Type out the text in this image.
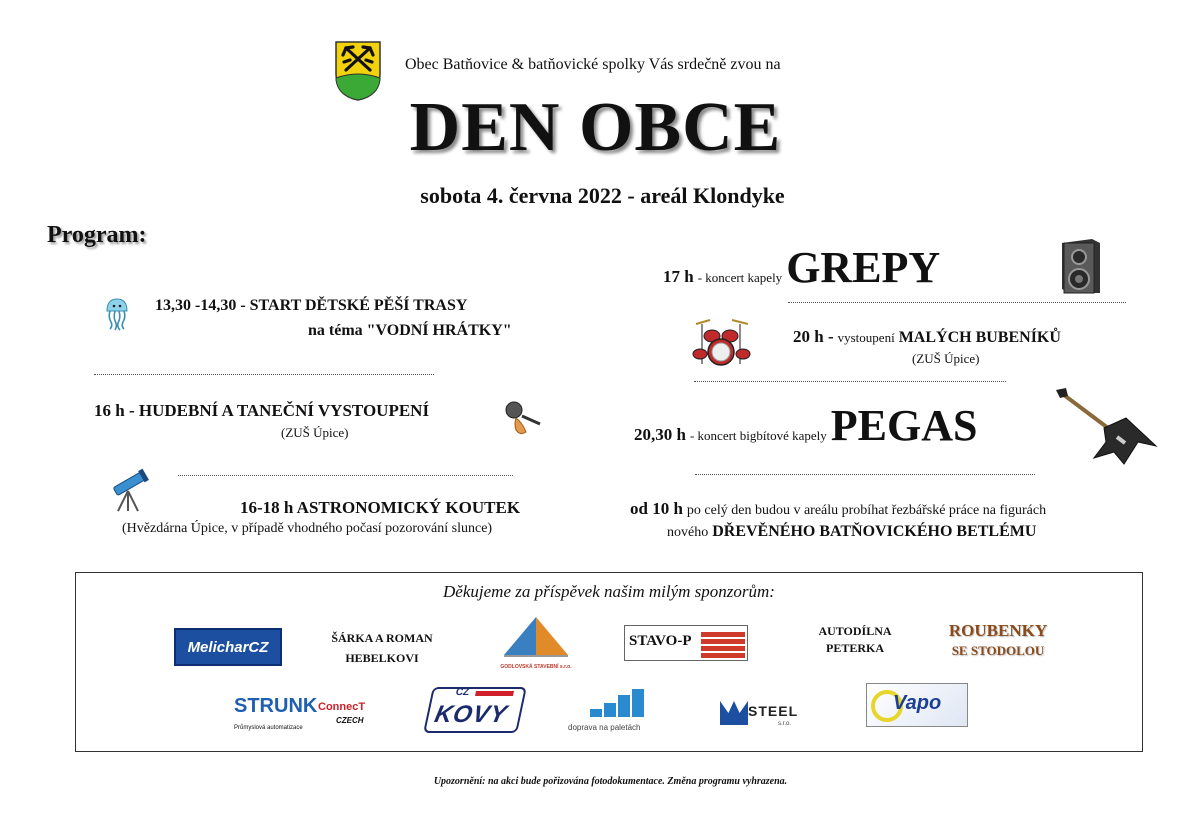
Obec Batňovice & batňovické spolky Vás srdečně zvou na
DEN OBCE
sobota 4. června 2022 - areál Klondyke
Program:
13,30 -14,30 - START DĚTSKÉ PĚŠÍ TRASY
na téma "VODNÍ HRÁTKY"
16 h - HUDEBNÍ A TANEČNÍ VYSTOUPENÍ
(ZUŠ Úpice)
16-18 h ASTRONOMICKÝ KOUTEK
(Hvězdárna Úpice, v případě vhodného počasí pozorování slunce)
17 h - koncert kapely GREPY
20 h - vystoupení MALÝCH BUBENÍKŮ
(ZUŠ Úpice)
20,30 h - koncert bigbítové kapely PEGAS
od 10 h po celý den budou v areálu probíhat řezbářské práce na figurách
nového DŘEVĚNÉHO BATŇOVICKÉHO BETLÉMU
Děkujeme za příspěvek našim milým sponzorům:
MelicharCZ
ŠÁRKA A ROMAN
HEBELKOVI
GODLOVSKÁ STAVEBNÍ s.r.o.
STAVO-P
AUTODÍLNA
PETERKA
ROUBENKY
SE STODOLOU
STRUNK ConnecT
CZECH
Průmyslová automatizace
CZ
KOVY	doprava na paletách
STEEL
s.r.o.
Vapo
Upozornění: na akci bude pořizována fotodokumentace. Změna programu vyhrazena.
